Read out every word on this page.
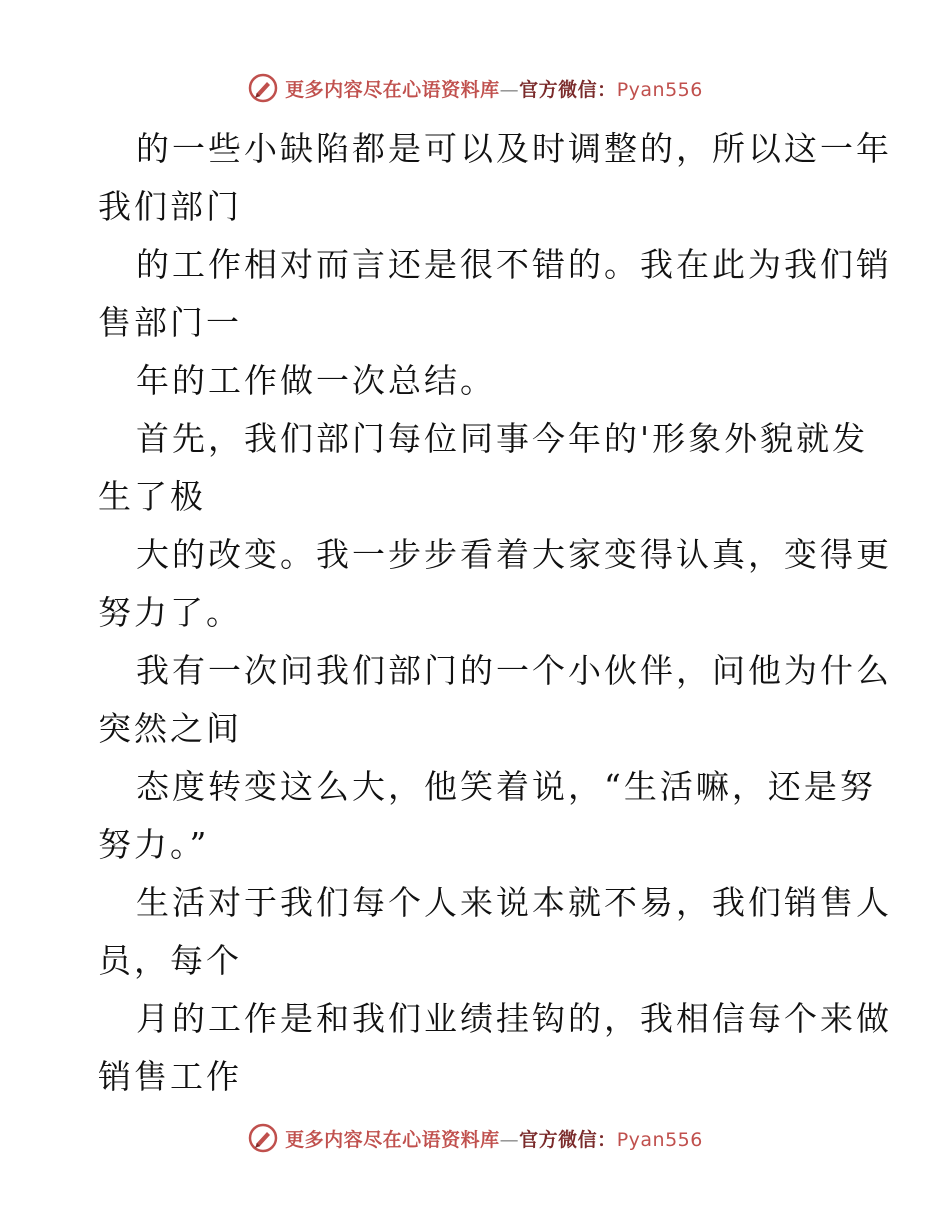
更多内容尽在心语资料库—官方微信：Pyan556

的一些小缺陷都是可以及时调整的，所以这一年
我们部门

的工作相对而言还是很不错的。我在此为我们销
售部门一

年的工作做一次总结。

首先，我们部门每位同事今年的'形象外貌就发
生了极

大的改变。我一步步看着大家变得认真，变得更
努力了。

我有一次问我们部门的一个小伙伴，问他为什么
突然之间

态度转变这么大，他笑着说，“生活嘛，还是努
努力。”

生活对于我们每个人来说本就不易，我们销售人
员，每个

月的工作是和我们业绩挂钩的，我相信每个来做
销售工作

更多内容尽在心语资料库—官方微信：Pyan556
